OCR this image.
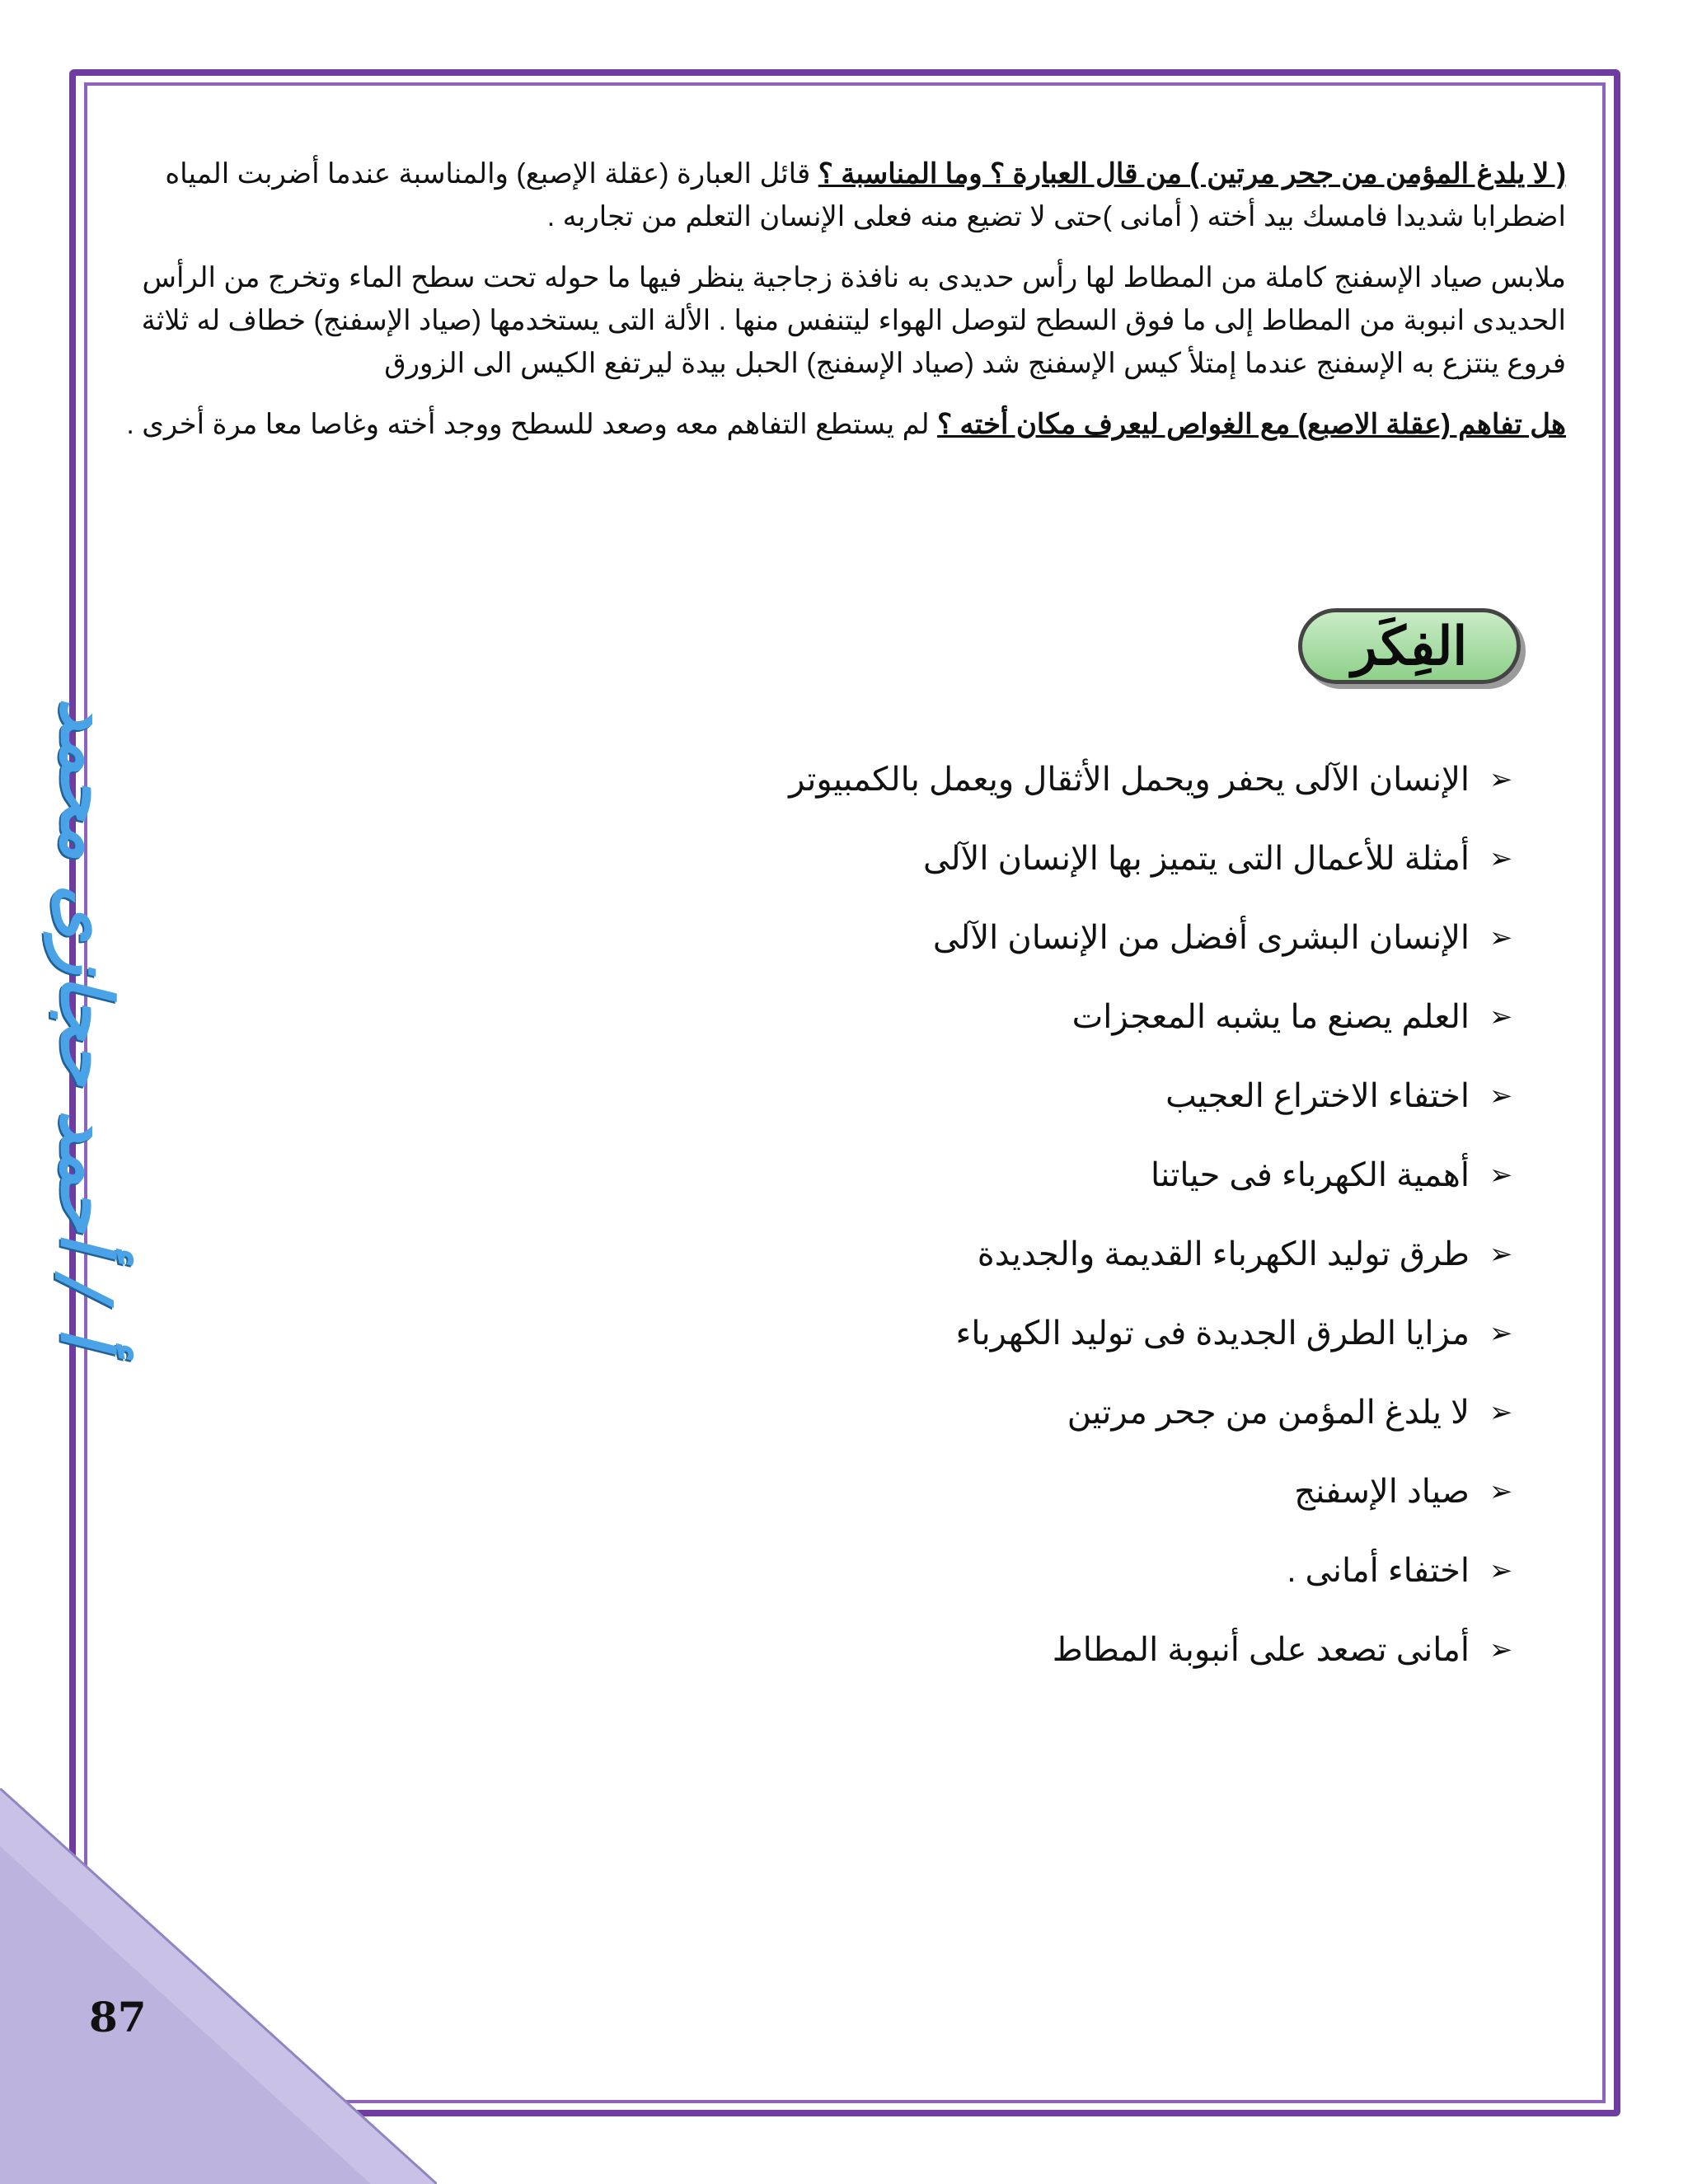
( لا يلدغ المؤمن من جحر مرتين ) من قال العبارة ؟ وما المناسبة ؟ قائل العبارة (عقلة الإصبع) والمناسبة عندما أضربت المياه اضطرابا شديدا فامسك بيد أخته ( أمانى )حتى لا تضيع منه فعلى الإنسان التعلم من تجاربه .

ملابس صياد الإسفنج كاملة من المطاط لها رأس حديدى به نافذة زجاجية ينظر فيها ما حوله تحت سطح الماء وتخرج من الرأس الحديدى انبوبة من المطاط إلى ما فوق السطح لتوصل الهواء ليتنفس منها . الألة التى يستخدمها (صياد الإسفنج) خطاف له ثلاثة فروع ينتزع به الإسفنج عندما إمتلأ كيس الإسفنج شد (صياد الإسفنج) الحبل بيدة ليرتفع الكيس الى الزورق

هل تفاهم (عقلة الاصبع) مع الغواص ليعرف مكان أخته ؟ لم يستطع التفاهم معه وصعد للسطح ووجد أخته وغاصا معا مرة أخرى .

الفِكَر
➢
الإنسان الآلى يحفر ويحمل الأثقال ويعمل بالكمبيوتر
➢
أمثلة للأعمال التى يتميز بها الإنسان الآلى
➢
الإنسان البشرى أفضل من الإنسان الآلى
➢
العلم يصنع ما يشبه المعجزات
➢
اختفاء الاختراع العجيب
➢
أهمية الكهرباء فى حياتنا
➢
طرق توليد الكهرباء القديمة والجديدة
➢
مزايا الطرق الجديدة فى توليد الكهرباء
➢
لا يلدغ المؤمن من جحر مرتين
➢
صياد الإسفنج
➢
اختفاء أمانى .
➢
أمانى تصعد على أنبوبة المطاط
أ / أحمد حجازى محمد
87
